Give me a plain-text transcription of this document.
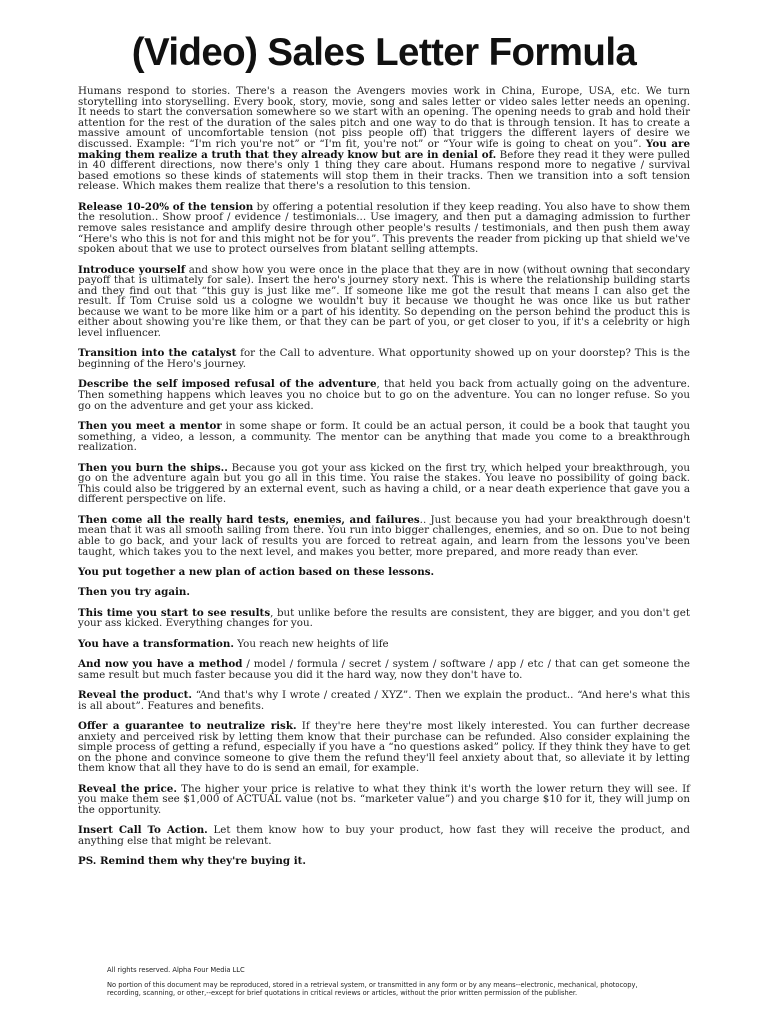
(Video) Sales Letter Formula

Humans respond to stories. There's a reason the Avengers movies work in China, Europe, USA, etc. We turn storytelling into storyselling. Every book, story, movie, song and sales letter or video sales letter needs an opening. It needs to start the conversation somewhere so we start with an opening. The opening needs to grab and hold their attention for the rest of the duration of the sales pitch and one way to do that is through tension. It has to create a massive amount of uncomfortable tension (not piss people off) that triggers the different layers of desire we discussed. Example: “I'm rich you're not” or “I'm fit, you're not” or “Your wife is going to cheat on you”. You are making them realize a truth that they already know but are in denial of. Before they read it they were pulled in 40 different directions, now there's only 1 thing they care about. Humans respond more to negative / survival based emotions so these kinds of statements will stop them in their tracks. Then we transition into a soft tension release. Which makes them realize that there's a resolution to this tension.

Release 10-20% of the tension by offering a potential resolution if they keep reading. You also have to show them the resolution.. Show proof / evidence / testimonials... Use imagery, and then put a damaging admission to further remove sales resistance and amplify desire through other people's results / testimonials, and then push them away “Here's who this is not for and this might not be for you”. This prevents the reader from picking up that shield we've spoken about that we use to protect ourselves from blatant selling attempts.

Introduce yourself and show how you were once in the place that they are in now (without owning that secondary payoff that is ultimately for sale). Insert the hero's journey story next. This is where the relationship building starts and they find out that “this guy is just like me”. If someone like me got the result that means I can also get the result. If Tom Cruise sold us a cologne we wouldn't buy it because we thought he was once like us but rather because we want to be more like him or a part of his identity. So depending on the person behind the product this is either about showing you're like them, or that they can be part of you, or get closer to you, if it's a celebrity or high level influencer.

Transition into the catalyst for the Call to adventure. What opportunity showed up on your doorstep? This is the beginning of the Hero's journey.

Describe the self imposed refusal of the adventure, that held you back from actually going on the adventure. Then something happens which leaves you no choice but to go on the adventure. You can no longer refuse. So you go on the adventure and get your ass kicked.

Then you meet a mentor in some shape or form. It could be an actual person, it could be a book that taught you something, a video, a lesson, a community. The mentor can be anything that made you come to a breakthrough realization.

Then you burn the ships.. Because you got your ass kicked on the first try, which helped your breakthrough, you go on the adventure again but you go all in this time. You raise the stakes. You leave no possibility of going back. This could also be triggered by an external event, such as having a child, or a near death experience that gave you a different perspective on life.

Then come all the really hard tests, enemies, and failures.. Just because you had your breakthrough doesn't mean that it was all smooth sailing from there. You run into bigger challenges, enemies, and so on. Due to not being able to go back, and your lack of results you are forced to retreat again, and learn from the lessons you've been taught, which takes you to the next level, and makes you better, more prepared, and more ready than ever.

You put together a new plan of action based on these lessons.

Then you try again.

This time you start to see results, but unlike before the results are consistent, they are bigger, and you don't get your ass kicked. Everything changes for you.

You have a transformation. You reach new heights of life

And now you have a method / model / formula / secret / system / software / app / etc / that can get someone the same result but much faster because you did it the hard way, now they don't have to.

Reveal the product. “And that's why I wrote / created / XYZ”. Then we explain the product.. “And here's what this is all about”. Features and benefits.

Offer a guarantee to neutralize risk. If they're here they're most likely interested. You can further decrease anxiety and perceived risk by letting them know that their purchase can be refunded. Also consider explaining the simple process of getting a refund, especially if you have a “no questions asked” policy. If they think they have to get on the phone and convince someone to give them the refund they'll feel anxiety about that, so alleviate it by letting them know that all they have to do is send an email, for example.

Reveal the price. The higher your price is relative to what they think it's worth the lower return they will see. If you make them see $1,000 of ACTUAL value (not bs. “marketer value”) and you charge $10 for it, they will jump on the opportunity.

Insert Call To Action. Let them know how to buy your product, how fast they will receive the product, and anything else that might be relevant.

PS. Remind them why they're buying it.

All rights reserved. Alpha Four Media LLC

No portion of this document may be reproduced, stored in a retrieval system, or transmitted in any form or by any means--electronic, mechanical, photocopy, recording, scanning, or other,--except for brief quotations in critical reviews or articles, without the prior written permission of the publisher.
